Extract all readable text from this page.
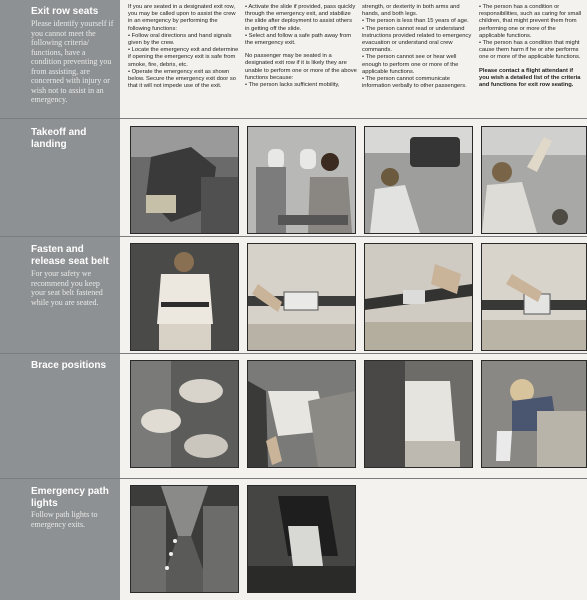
Exit row seats
Please identify yourself if you cannot meet the following criteria/ functions, have a condition preventing you from assisting, are concerned with injury or wish not to assist in an emergency.
Takeoff and landing
Fasten and release seat belt
For your safety we recommend you keep your seat belt fastened while you are seated.
Brace positions
Emergency path lights
Follow path lights to emergency exits.

If you are seated in a designated exit row, you may be called upon to assist the crew in an emergency by performing the following functions:

• Follow oral directions and hand signals given by the crew.

• Locate the emergency exit and determine if opening the emergency exit is safe from smoke, fire, debris, etc.

• Operate the emergency exit as shown below. Secure the emergency exit door so that it will not impede use of the exit.

• Activate the slide if provided, pass quickly through the emergency exit, and stabilize the slide after deployment to assist others in getting off the slide.

• Select and follow a safe path away from the emergency exit.

No passenger may be seated in a designated exit row if it is likely they are unable to perform one or more of the above functions because:

• The person lacks sufficient mobility,

strength, or dexterity in both arms and hands, and both legs.

• The person is less than 15 years of age.

• The person cannot read or understand instructions provided related to emergency evacuation or understand oral crew commands.

• The person cannot see or hear well enough to perform one or more of the applicable functions.

• The person cannot communicate information verbally to other passengers.

• The person has a condition or responsibilities, such as caring for small children, that might prevent them from performing one or more of the applicable functions.

• The person has a condition that might cause them harm if he or she performs one or more of the applicable functions.

Please contact a flight attendant if you wish a detailed list of the criteria and functions for exit row seating.
